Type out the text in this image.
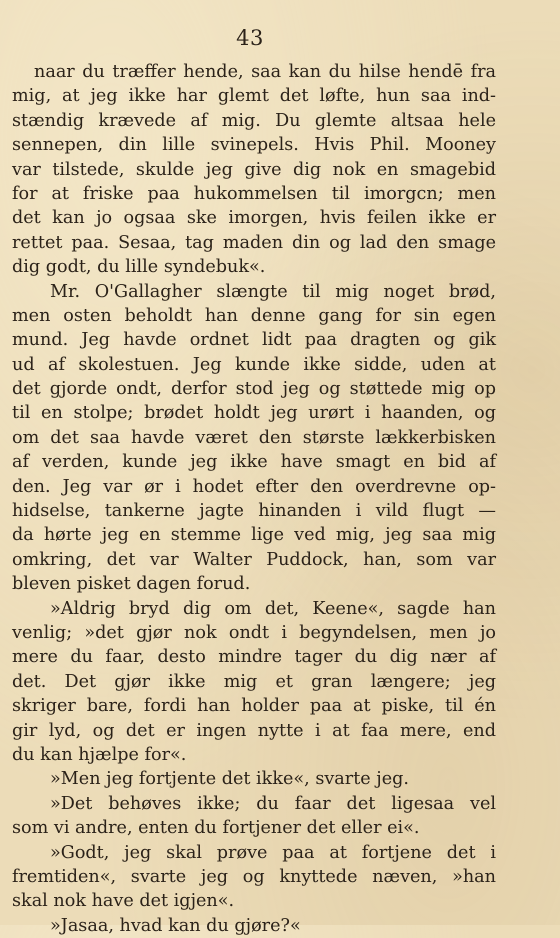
43
naar du træffer hende, saa kan du hilse hendē fra
mig, at jeg ikke har glemt det løfte, hun saa ind-
stændig krævede af mig. Du glemte altsaa hele
sennepen, din lille svinepels. Hvis Phil. Mooney
var tilstede, skulde jeg give dig nok en smagebid
for at friske paa hukommelsen til imorgcn; men
det kan jo ogsaa ske imorgen, hvis feilen ikke er
rettet paa. Sesaa, tag maden din og lad den smage
dig godt, du lille syndebuk«.
Mr. O'Gallagher slængte til mig noget brød,
men osten beholdt han denne gang for sin egen
mund. Jeg havde ordnet lidt paa dragten og gik
ud af skolestuen. Jeg kunde ikke sidde, uden at
det gjorde ondt, derfor stod jeg og støttede mig op
til en stolpe; brødet holdt jeg urørt i haanden, og
om det saa havde været den største lækkerbisken
af verden, kunde jeg ikke have smagt en bid af
den. Jeg var ør i hodet efter den overdrevne op-
hidselse, tankerne jagte hinanden i vild flugt —
da hørte jeg en stemme lige ved mig, jeg saa mig
omkring, det var Walter Puddock, han, som var
bleven pisket dagen forud.
»Aldrig bryd dig om det, Keene«, sagde han
venlig; »det gjør nok ondt i begyndelsen, men jo
mere du faar, desto mindre tager du dig nær af
det. Det gjør ikke mig et gran længere; jeg
skriger bare, fordi han holder paa at piske, til én
gir lyd, og det er ingen nytte i at faa mere, end
du kan hjælpe for«.
»Men jeg fortjente det ikke«, svarte jeg.
»Det behøves ikke; du faar det ligesaa vel
som vi andre, enten du fortjener det eller ei«.
»Godt, jeg skal prøve paa at fortjene det i
fremtiden«, svarte jeg og knyttede næven, »han
skal nok have det igjen«.
»Jasaa, hvad kan du gjøre?«
